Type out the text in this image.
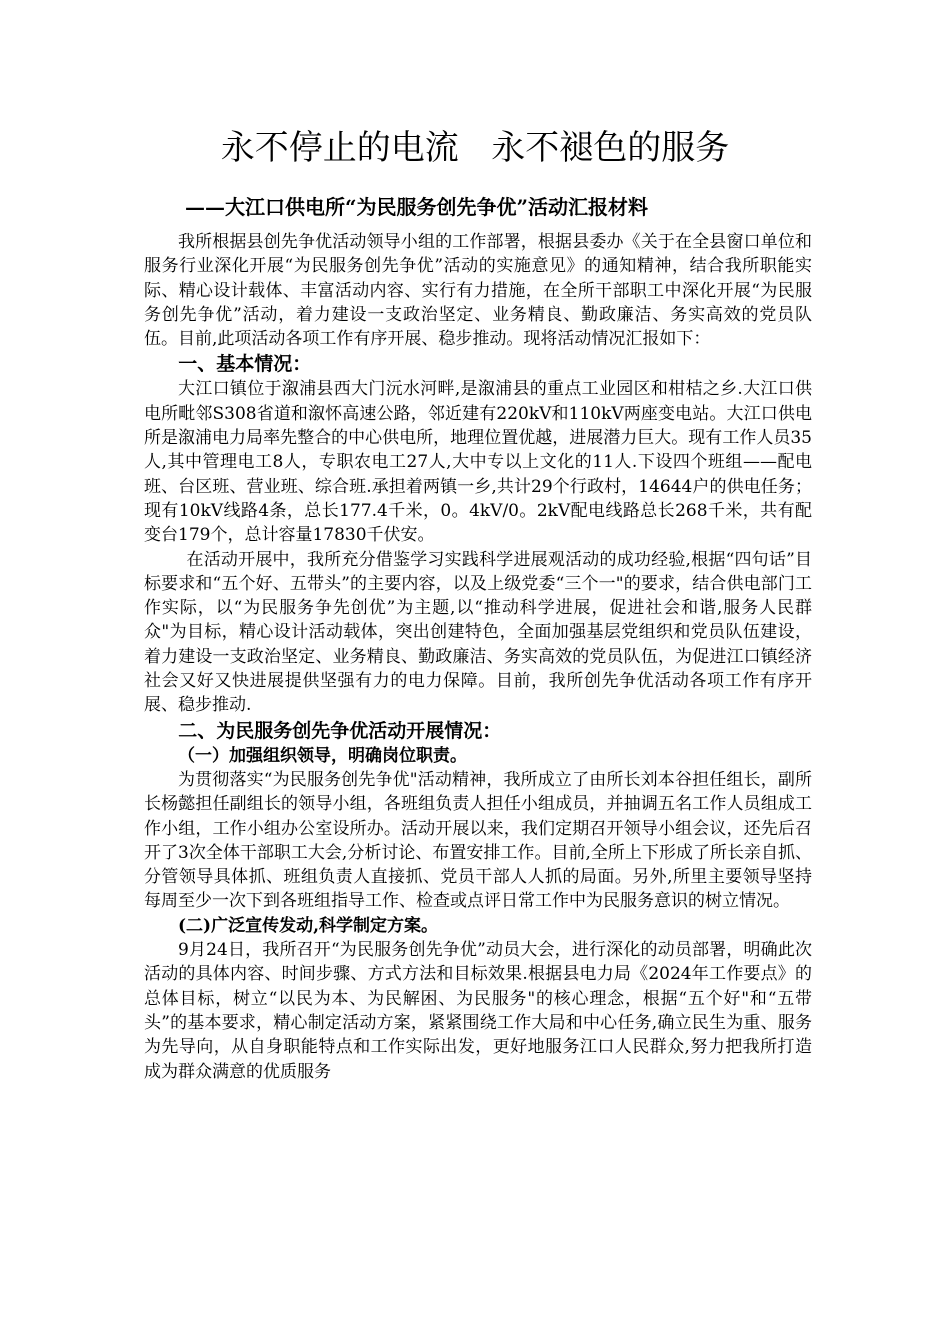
永不停止的电流   永不褪色的服务
——大江口供电所“为民服务创先争优”活动汇报材料

我所根据县创先争优活动领导小组的工作部署，根据县委办《关于在全县窗口单位和服务行业深化开展“为民服务创先争优”活动的实施意见》的通知精神，结合我所职能实际、精心设计载体、丰富活动内容、实行有力措施，在全所干部职工中深化开展“为民服务创先争优”活动，着力建设一支政治坚定、业务精良、勤政廉洁、务实高效的党员队伍。目前,此项活动各项工作有序开展、稳步推动。现将活动情况汇报如下：

一、基本情况：

大江口镇位于溆浦县西大门沅水河畔,是溆浦县的重点工业园区和柑桔之乡.大江口供电所毗邻S308省道和溆怀高速公路，邻近建有220kV和110kV两座变电站。大江口供电所是溆浦电力局率先整合的中心供电所，地理位置优越，进展潜力巨大。现有工作人员35人,其中管理电工8人，专职农电工27人,大中专以上文化的11人.下设四个班组——配电班、台区班、营业班、综合班.承担着两镇一乡,共计29个行政村，14644户的供电任务；现有10kV线路4条，总长177.4千米，0。4kV/0。2kV配电线路总长268千米，共有配变台179个，总计容量17830千伏安。

在活动开展中，我所充分借鉴学习实践科学进展观活动的成功经验,根据“四句话”目标要求和“五个好、五带头”的主要内容，以及上级党委“三个一"的要求，结合供电部门工作实际，以“为民服务争先创优”为主题,以“推动科学进展，促进社会和谐,服务人民群众"为目标，精心设计活动载体，突出创建特色，全面加强基层党组织和党员队伍建设，着力建设一支政治坚定、业务精良、勤政廉洁、务实高效的党员队伍，为促进江口镇经济社会又好又快进展提供坚强有力的电力保障。目前，我所创先争优活动各项工作有序开展、稳步推动.

二、为民服务创先争优活动开展情况：

（一）加强组织领导，明确岗位职责。

为贯彻落实“为民服务创先争优"活动精神，我所成立了由所长刘本谷担任组长，副所长杨懿担任副组长的领导小组，各班组负责人担任小组成员，并抽调五名工作人员组成工作小组，工作小组办公室设所办。活动开展以来，我们定期召开领导小组会议，还先后召开了3次全体干部职工大会,分析讨论、布置安排工作。目前,全所上下形成了所长亲自抓、分管领导具体抓、班组负责人直接抓、党员干部人人抓的局面。另外,所里主要领导坚持每周至少一次下到各班组指导工作、检查或点评日常工作中为民服务意识的树立情况。

(二)广泛宣传发动,科学制定方案。

9月24日，我所召开“为民服务创先争优”动员大会，进行深化的动员部署，明确此次活动的具体内容、时间步骤、方式方法和目标效果.根据县电力局《2024年工作要点》的总体目标，树立“以民为本、为民解困、为民服务"的核心理念，根据“五个好"和“五带头”的基本要求，精心制定活动方案，紧紧围绕工作大局和中心任务,确立民生为重、服务为先导向，从自身职能特点和工作实际出发，更好地服务江口人民群众,努力把我所打造成为群众满意的优质服务
